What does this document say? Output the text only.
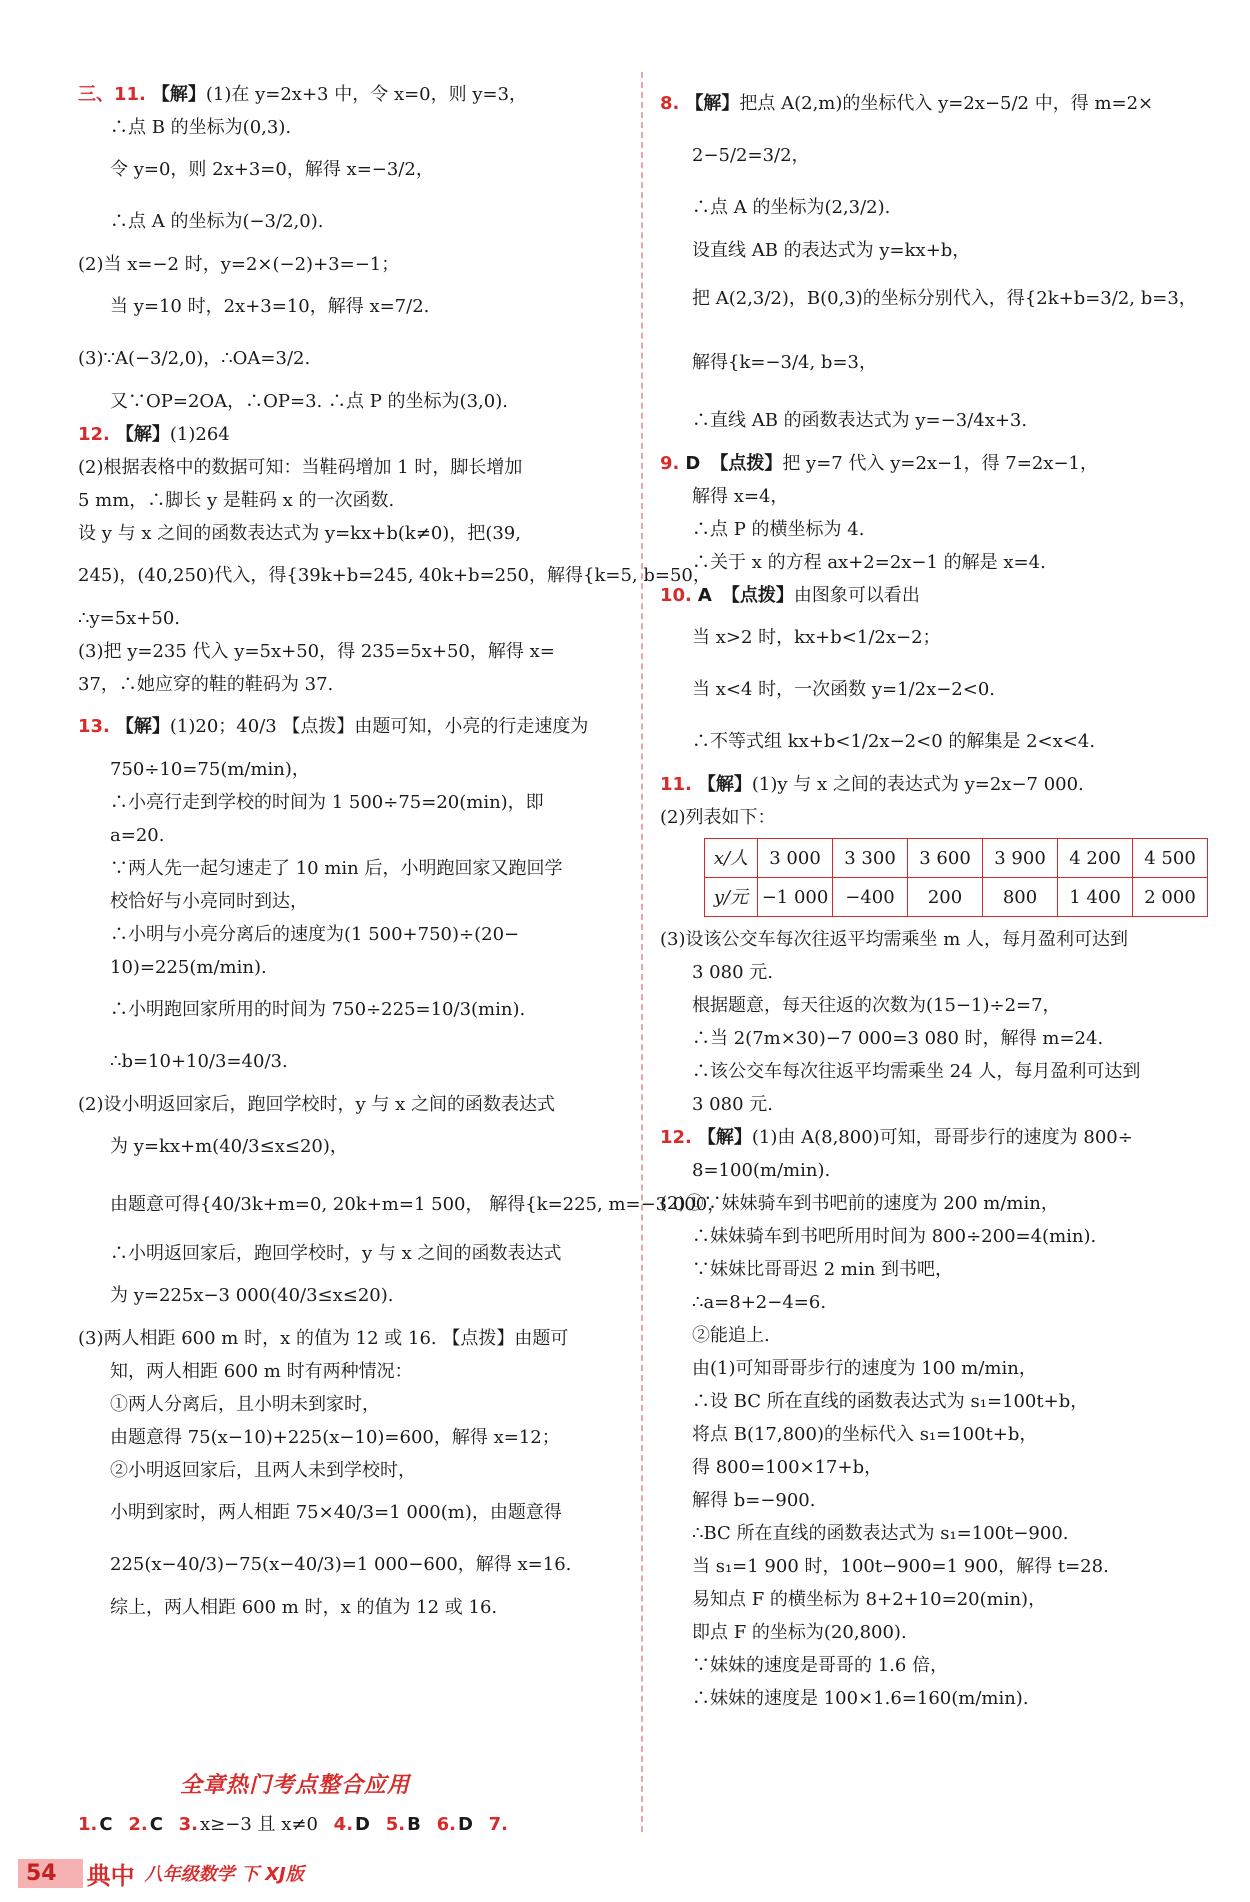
三、11. 【解】(1)在 y=2x+3 中，令 x=0，则 y=3，
∴点 B 的坐标为(0,3).
令 y=0，则 2x+3=0，解得 x=−3/2，
∴点 A 的坐标为(−3/2,0).
(2)当 x=−2 时，y=2×(−2)+3=−1；
当 y=10 时，2x+3=10，解得 x=7/2.
(3)∵A(−3/2,0)，∴OA=3/2.
又∵OP=2OA，∴OP=3. ∴点 P 的坐标为(3,0).
12. 【解】(1)264
(2)根据表格中的数据可知：当鞋码增加 1 时，脚长增加
5 mm，∴脚长 y 是鞋码 x 的一次函数.
设 y 与 x 之间的函数表达式为 y=kx+b(k≠0)，把(39,
245)，(40,250)代入，得{39k+b=245, 40k+b=250，解得{k=5, b=50，
∴y=5x+50.
(3)把 y=235 代入 y=5x+50，得 235=5x+50，解得 x=
37，∴她应穿的鞋的鞋码为 37.
13. 【解】(1)20；40/3 【点拨】由题可知，小亮的行走速度为
750÷10=75(m/min)，
∴小亮行走到学校的时间为 1 500÷75=20(min)，即
a=20.
∵两人先一起匀速走了 10 min 后，小明跑回家又跑回学
校恰好与小亮同时到达，
∴小明与小亮分离后的速度为(1 500+750)÷(20−
10)=225(m/min).
∴小明跑回家所用的时间为 750÷225=10/3(min).
∴b=10+10/3=40/3.
(2)设小明返回家后，跑回学校时，y 与 x 之间的函数表达式
为 y=kx+m(40/3≤x≤20)，
由题意可得{40/3k+m=0, 20k+m=1 500， 解得{k=225, m=−3 000，
∴小明返回家后，跑回学校时，y 与 x 之间的函数表达式
为 y=225x−3 000(40/3≤x≤20).
(3)两人相距 600 m 时，x 的值为 12 或 16. 【点拨】由题可
知，两人相距 600 m 时有两种情况：
①两人分离后，且小明未到家时，
由题意得 75(x−10)+225(x−10)=600，解得 x=12；
②小明返回家后，且两人未到学校时，
小明到家时，两人相距 75×40/3=1 000(m)，由题意得
225(x−40/3)−75(x−40/3)=1 000−600，解得 x=16.
综上，两人相距 600 m 时，x 的值为 12 或 16.
8. 【解】把点 A(2,m)的坐标代入 y=2x−5/2 中，得 m=2×
2−5/2=3/2，
∴点 A 的坐标为(2,3/2).
设直线 AB 的表达式为 y=kx+b，
把 A(2,3/2)，B(0,3)的坐标分别代入，得{2k+b=3/2, b=3，
解得{k=−3/4, b=3，
∴直线 AB 的函数表达式为 y=−3/4x+3.
9. D 【点拨】把 y=7 代入 y=2x−1，得 7=2x−1，
解得 x=4，
∴点 P 的横坐标为 4.
∴关于 x 的方程 ax+2=2x−1 的解是 x=4.
10. A 【点拨】由图象可以看出
当 x>2 时，kx+b<1/2x−2；
当 x<4 时，一次函数 y=1/2x−2<0.
∴不等式组 kx+b<1/2x−2<0 的解集是 2<x<4.
11. 【解】(1)y 与 x 之间的表达式为 y=2x−7 000.
(2)列表如下：
x/人	3 000	3 300	3 600	3 900	4 200	4 500
y/元	−1 000	−400	200	800	1 400	2 000
(3)设该公交车每次往返平均需乘坐 m 人，每月盈利可达到
3 080 元.
根据题意，每天往返的次数为(15−1)÷2=7，
∴当 2(7m×30)−7 000=3 080 时，解得 m=24.
∴该公交车每次往返平均需乘坐 24 人，每月盈利可达到
3 080 元.
12. 【解】(1)由 A(8,800)可知，哥哥步行的速度为 800÷
8=100(m/min).
(2)①∵妹妹骑车到书吧前的速度为 200 m/min，
∴妹妹骑车到书吧所用时间为 800÷200=4(min).
∵妹妹比哥哥迟 2 min 到书吧，
∴a=8+2−4=6.
②能追上.
由(1)可知哥哥步行的速度为 100 m/min，
∴设 BC 所在直线的函数表达式为 s₁=100t+b，
将点 B(17,800)的坐标代入 s₁=100t+b，
得 800=100×17+b，
解得 b=−900.
∴BC 所在直线的函数表达式为 s₁=100t−900.
当 s₁=1 900 时，100t−900=1 900，解得 t=28.
易知点 F 的横坐标为 8+2+10=20(min)，
即点 F 的坐标为(20,800).
∵妹妹的速度是哥哥的 1.6 倍，
∴妹妹的速度是 100×1.6=160(m/min).
全章热门考点整合应用
1. C 2. C 3. x≥−3 且 x≠0 4. D 5. B 6. D 7.
54	典中 八年级数学 下 XJ版
